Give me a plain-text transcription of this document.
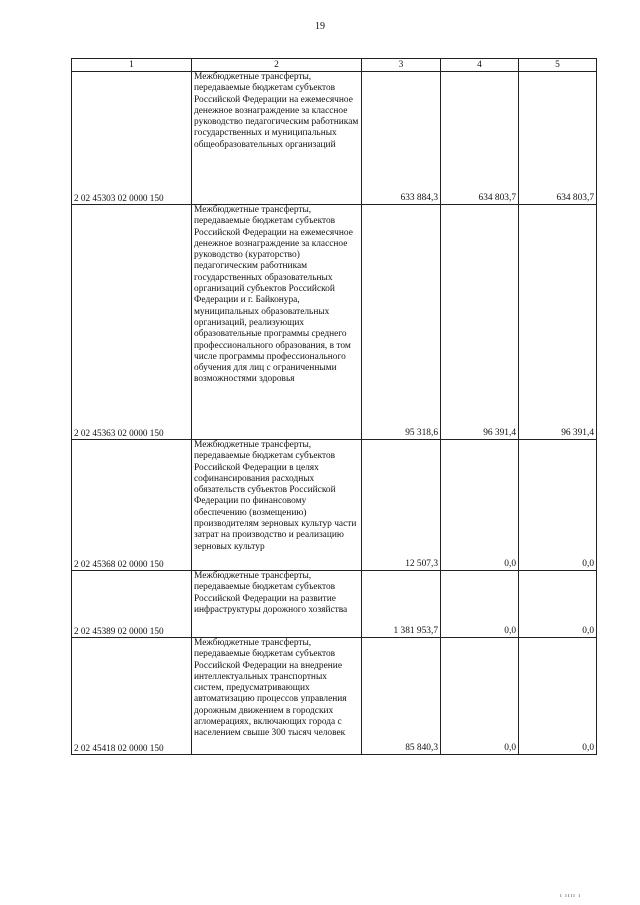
19
1	2	3	4	5
2 02 45303 02 0000 150	Межбюджетные трансферты, передаваемые бюджетам субъектов Российской Федерации на ежемесячное денежное вознаграждение за классное руководство педагогическим работникам государственных и муниципальных общеобразовательных организаций	633 884,3	634 803,7	634 803,7
2 02 45363 02 0000 150	Межбюджетные трансферты, передаваемые бюджетам субъектов Российской Федерации на ежемесячное денежное вознаграждение за классное руководство (кураторство) педагогическим работникам государственных образовательных организаций субъектов Российской Федерации и г. Байконура, муниципальных образовательных организаций, реализующих образовательные программы среднего профессионального образования, в том числе программы профессионального обучения для лиц с ограниченными возможностями здоровья	95 318,6	96 391,4	96 391,4
2 02 45368 02 0000 150	Межбюджетные трансферты, передаваемые бюджетам субъектов Российской Федерации в целях софинансирования расходных обязательств субъектов Российской Федерации по финансовому обеспечению (возмещению) производителям зерновых культур части затрат на производство и реализацию зерновых культур	12 507,3	0,0	0,0
2 02 45389 02 0000 150	Межбюджетные трансферты, передаваемые бюджетам субъектов Российской Федерации на развитие инфраструктуры дорожного хозяйства	1 381 953,7	0,0	0,0
2 02 45418 02 0000 150	Межбюджетные трансферты, передаваемые бюджетам субъектов Российской Федерации на внедрение интеллектуальных транспортных систем, предусматривающих автоматизацию процессов управления дорожным движением в городских агломерациях, включающих города с населением свыше 300 тысяч человек	85 840,3	0,0	0,0
ı ıııı ı
